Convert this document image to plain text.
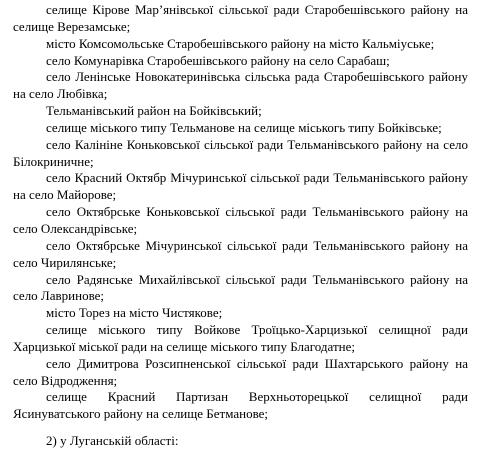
селище Кірове Мар’янівської сільської ради Старобешівського району на селище Верезамське;

місто Комсомольське Старобешівського району на місто Кальміуське;

село Комунарівка Старобешівського району на село Сарабаш;

село Ленінське Новокатеринівська сільська рада Старобешівського району на село Любівка;

Тельманівський район на Бойківський;

селище міського типу Тельманове на селище міськогь типу Бойківське;

село Калініне Коньковської сільської ради Тельманівського району на село Білокриничне;

село Красний Октябр Мічуринської сільської ради Тельманівського району на село Майорове;

село Октябрське Коньковської сільської ради Тельманівського району на село Олександрівське;

село Октябрське Мічуринської сільської ради Тельманівського району на село Чирилянське;

село Радянське Михайлівської сільської ради Тельманівського району на село Лавринове;

місто Торез на місто Чистякове;

селище міського типу Войкове Троїцько-Харцизької селищної ради Харцизької міської ради на селище міського типу Благодатне;

село Димитрова Розсипненської сільської ради Шахтарського району на село Відродження;

селище Красний Партизан Верхньоторецької селищної ради Ясинуватського району на селище Бетманове;

2) у Луганській області:
